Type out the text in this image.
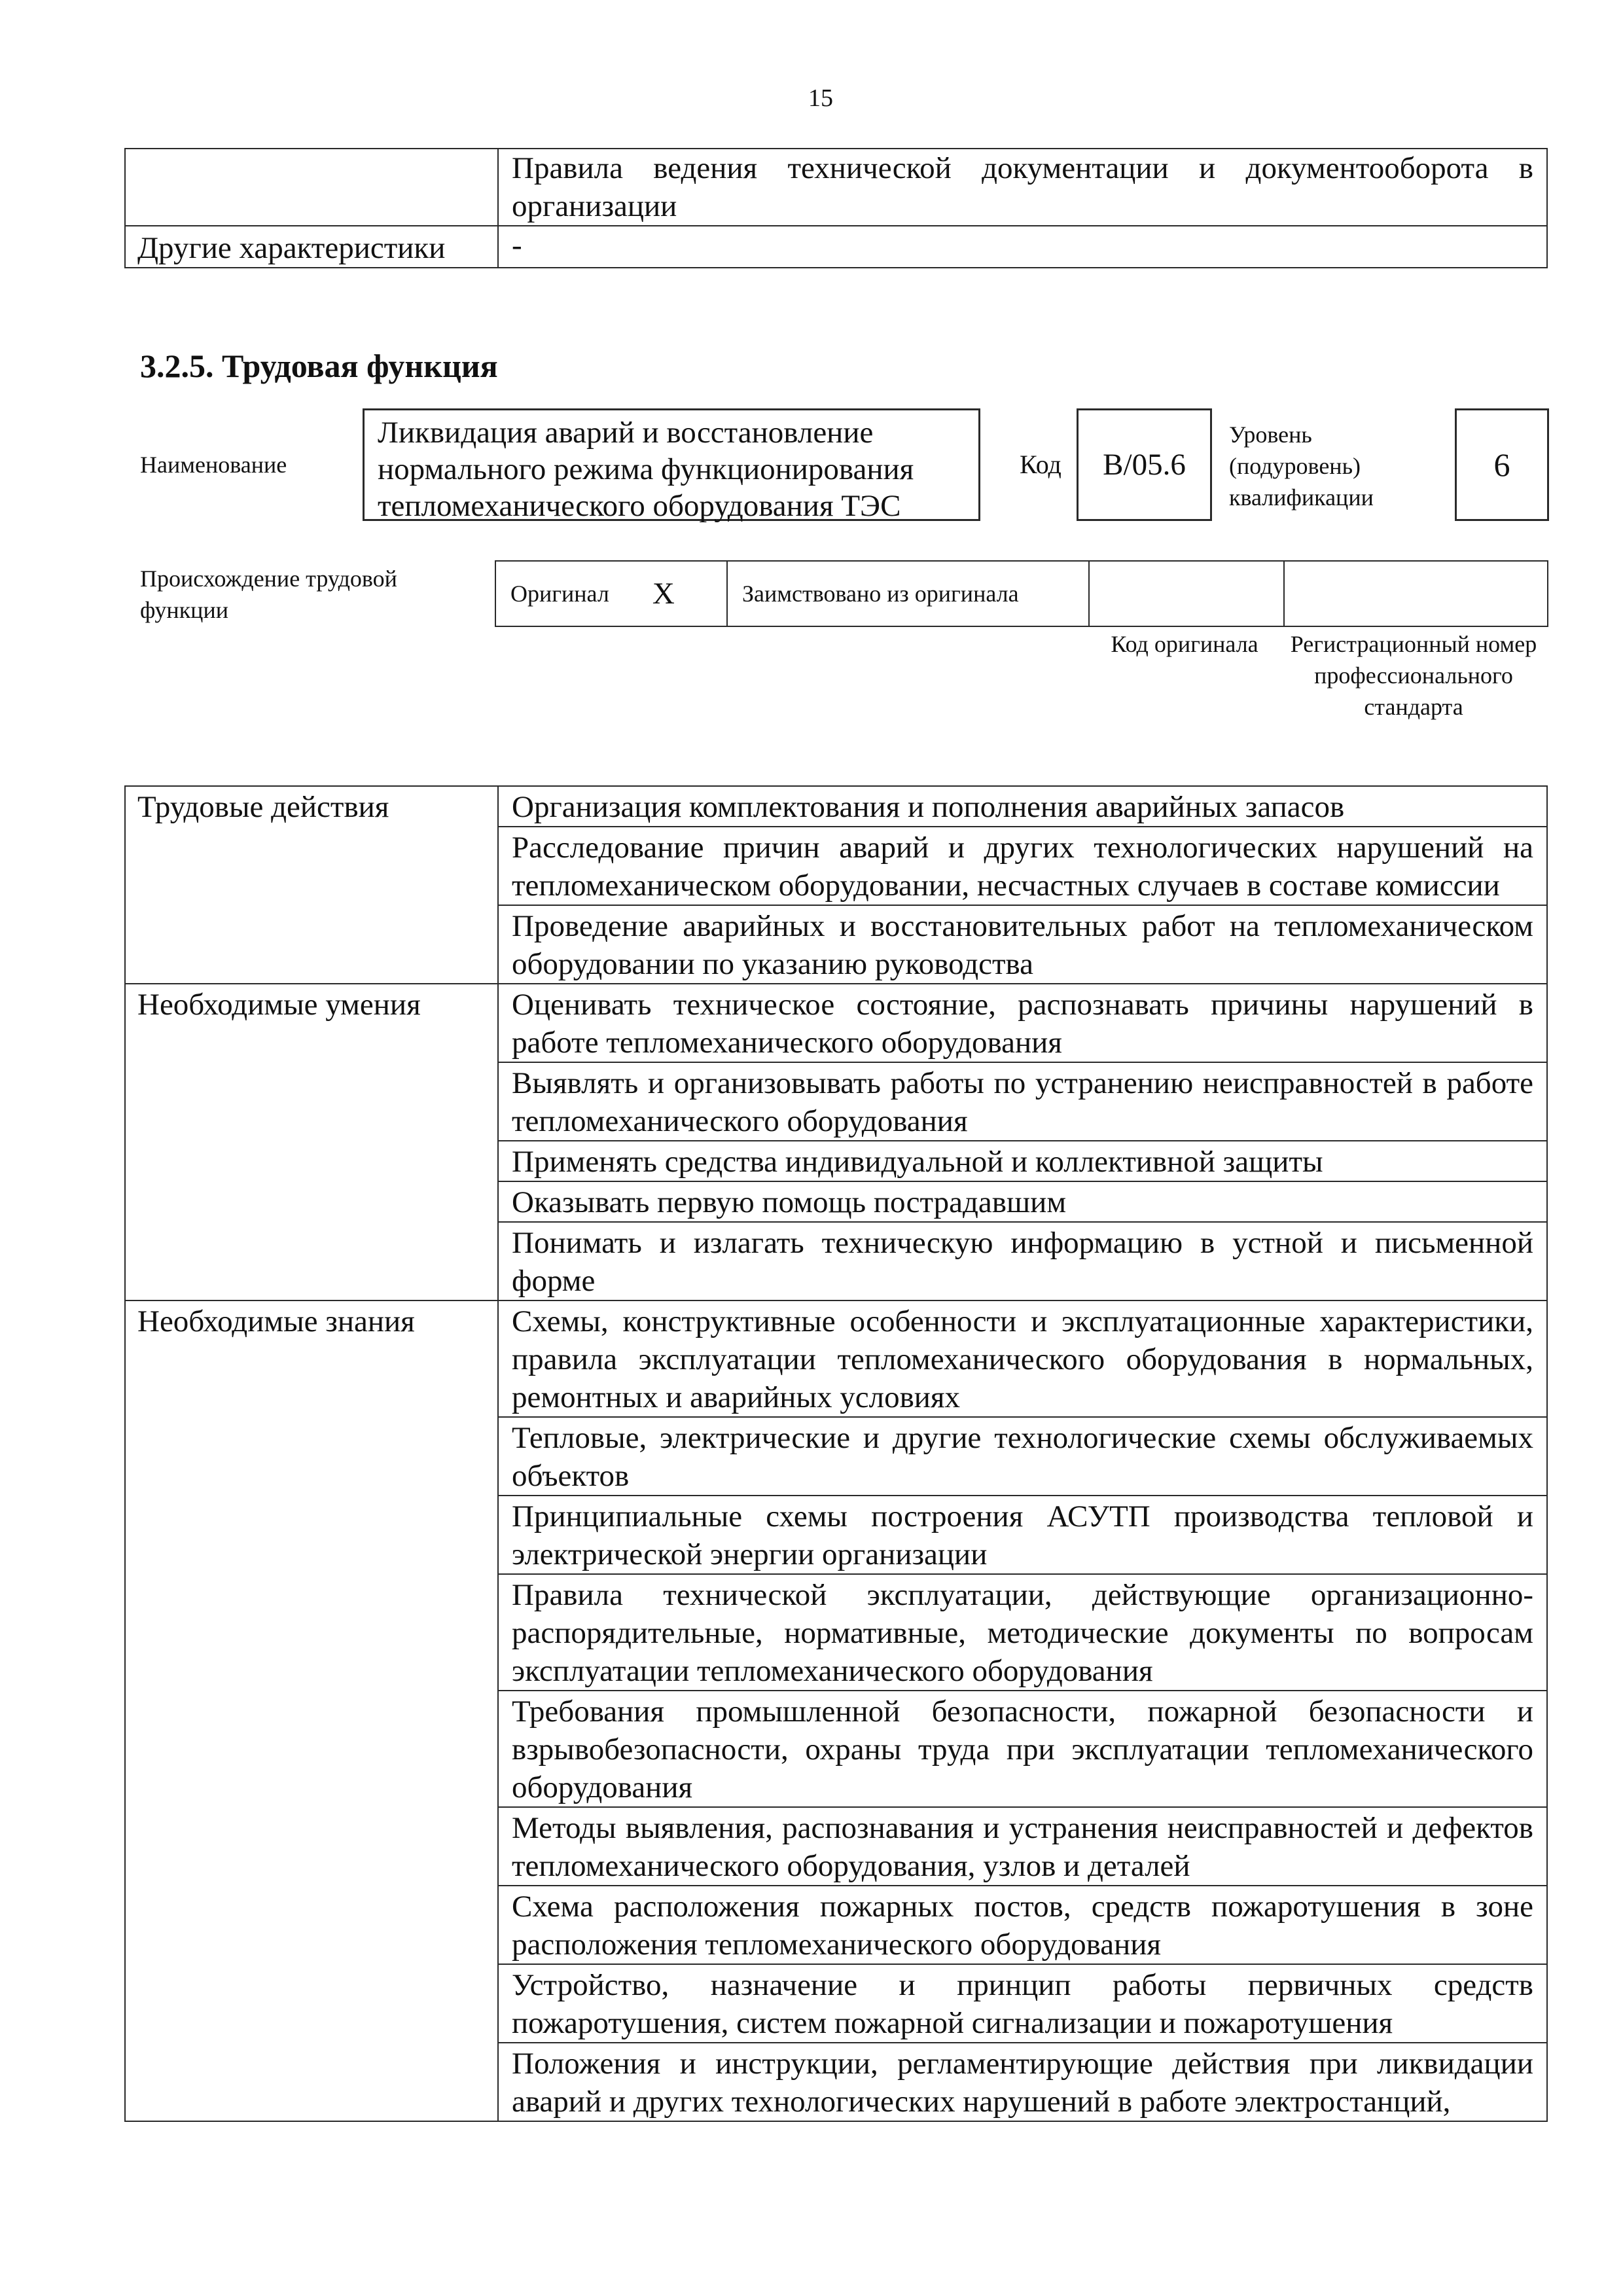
15
	Правила ведения технической документации и документооборота в организации
Другие характеристики	-
3.2.5. Трудовая функция
Наименование
Ликвидация аварий и восстановление нормального режима функционирования тепломеханического оборудования ТЭС
Код	B/05.6
Уровень
(подуровень)
квалификации
6
Происхождение трудовой функции
Оригинал X	Заимствовано из оригинала
Код оригинала	Регистрационный номер профессионального стандарта
Трудовые действия	Организация комплектования и пополнения аварийных запасов
	Расследование причин аварий и других технологических нарушений на тепломеханическом оборудовании, несчастных случаев в составе комиссии
	Проведение аварийных и восстановительных работ на тепломеханическом оборудовании по указанию руководства
Необходимые умения	Оценивать техническое состояние, распознавать причины нарушений в работе тепломеханического оборудования
	Выявлять и организовывать работы по устранению неисправностей в работе тепломеханического оборудования
	Применять средства индивидуальной и коллективной защиты
	Оказывать первую помощь пострадавшим
	Понимать и излагать техническую информацию в устной и письменной форме
Необходимые знания	Схемы, конструктивные особенности и эксплуатационные характеристики, правила эксплуатации тепломеханического оборудования в нормальных, ремонтных и аварийных условиях
	Тепловые, электрические и другие технологические схемы обслуживаемых объектов
	Принципиальные схемы построения АСУТП производства тепловой и электрической энергии организации
	Правила технической эксплуатации, действующие организационно-распорядительные, нормативные, методические документы по вопросам эксплуатации тепломеханического оборудования
	Требования промышленной безопасности, пожарной безопасности и взрывобезопасности, охраны труда при эксплуатации тепломеханического оборудования
	Методы выявления, распознавания и устранения неисправностей и дефектов тепломеханического оборудования, узлов и деталей
	Схема расположения пожарных постов, средств пожаротушения в зоне расположения тепломеханического оборудования
	Устройство, назначение и принцип работы первичных средств пожаротушения, систем пожарной сигнализации и пожаротушения
	Положения и инструкции, регламентирующие действия при ликвидации аварий и других технологических нарушений в работе электростанций,
